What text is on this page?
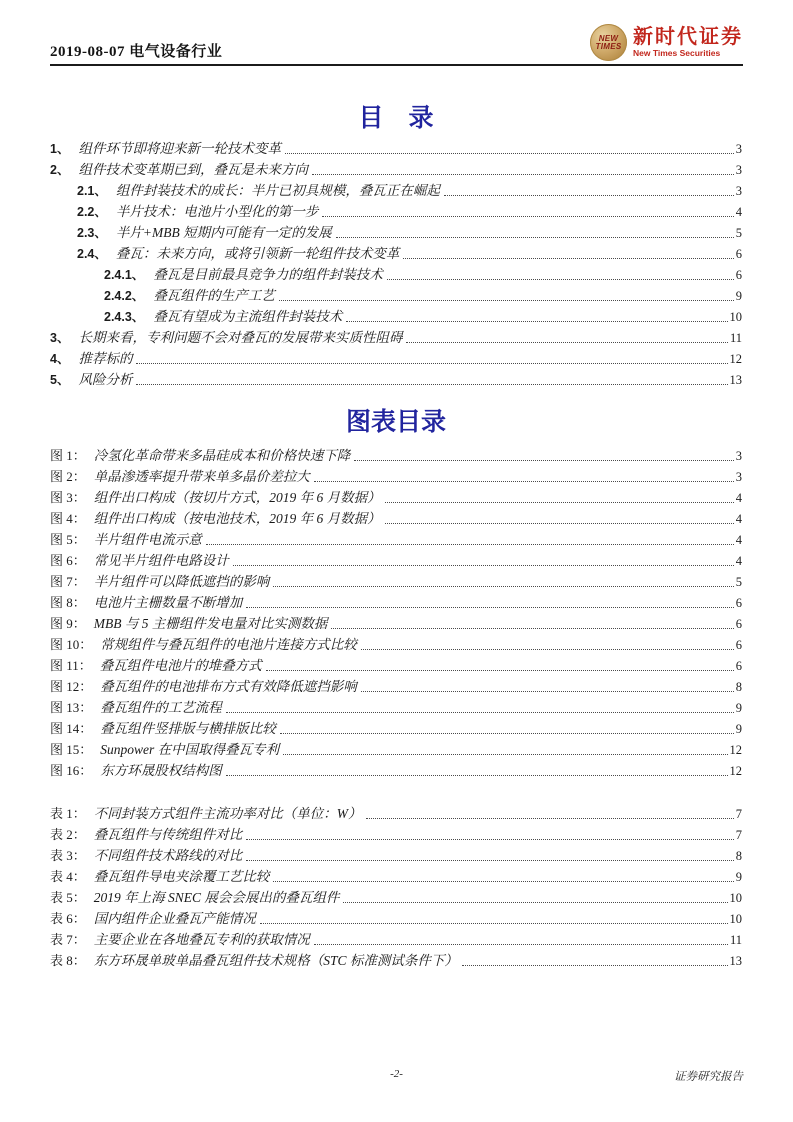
2019-08-07 电气设备行业
NEW
TIMES 新时代证券
New Times Securities
目　录
1、 组件环节即将迎来新一轮技术变革	3
2、 组件技术变革期已到，叠瓦是未来方向	3
2.1、 组件封装技术的成长：半片已初具规模，叠瓦正在崛起	3
2.2、 半片技术：电池片小型化的第一步	4
2.3、 半片+MBB 短期内可能有一定的发展	5
2.4、 叠瓦：未来方向，或将引领新一轮组件技术变革	6
2.4.1、 叠瓦是目前最具竞争力的组件封装技术	6
2.4.2、 叠瓦组件的生产工艺	9
2.4.3、 叠瓦有望成为主流组件封装技术	10
3、 长期来看，专利问题不会对叠瓦的发展带来实质性阻碍	11
4、 推荐标的	12
5、 风险分析	13
图表目录
图 1： 冷氢化革命带来多晶硅成本和价格快速下降	3
图 2： 单晶渗透率提升带来单多晶价差拉大	3
图 3： 组件出口构成（按切片方式，2019 年 6 月数据）	4
图 4： 组件出口构成（按电池技术，2019 年 6 月数据）	4
图 5： 半片组件电流示意	4
图 6： 常见半片组件电路设计	4
图 7： 半片组件可以降低遮挡的影响	5
图 8： 电池片主栅数量不断增加	6
图 9： MBB 与 5 主栅组件发电量对比实测数据	6
图 10： 常规组件与叠瓦组件的电池片连接方式比较	6
图 11： 叠瓦组件电池片的堆叠方式	6
图 12： 叠瓦组件的电池排布方式有效降低遮挡影响	8
图 13： 叠瓦组件的工艺流程	9
图 14： 叠瓦组件竖排版与横排版比较	9
图 15： Sunpower 在中国取得叠瓦专利	12
图 16： 东方环晟股权结构图	12
表 1： 不同封装方式组件主流功率对比（单位：W）	7
表 2： 叠瓦组件与传统组件对比	7
表 3： 不同组件技术路线的对比	8
表 4： 叠瓦组件导电夹涂覆工艺比较	9
表 5： 2019 年上海 SNEC 展会会展出的叠瓦组件	10
表 6： 国内组件企业叠瓦产能情况	10
表 7： 主要企业在各地叠瓦专利的获取情况	11
表 8： 东方环晟单玻单晶叠瓦组件技术规格（STC 标准测试条件下）	13
-2-	证券研究报告
